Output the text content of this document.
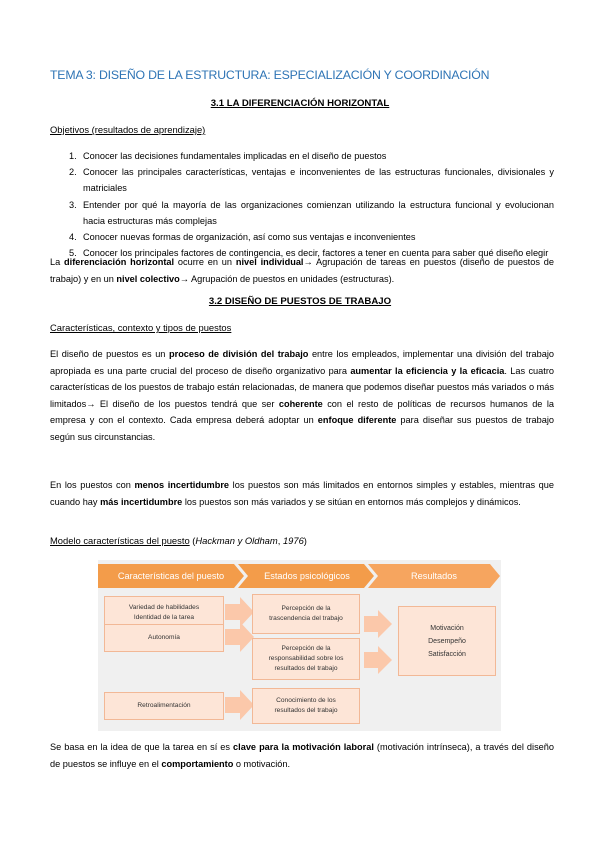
TEMA 3: DISEÑO DE LA ESTRUCTURA: ESPECIALIZACIÓN Y COORDINACIÓN
3.1 LA DIFERENCIACIÓN HORIZONTAL
Objetivos (resultados de aprendizaje)
1. Conocer las decisiones fundamentales implicadas en el diseño de puestos
2. Conocer las principales características, ventajas e inconvenientes de las estructuras funcionales, divisionales y matriciales
3. Entender por qué la mayoría de las organizaciones comienzan utilizando la estructura funcional y evolucionan hacia estructuras más complejas
4. Conocer nuevas formas de organización, así como sus ventajas e inconvenientes
5. Conocer los principales factores de contingencia, es decir, factores a tener en cuenta para saber qué diseño elegir
La diferenciación horizontal ocurre en un nivel individual→ Agrupación de tareas en puestos (diseño de puestos de trabajo) y en un nivel colectivo→ Agrupación de puestos en unidades (estructuras).
3.2 DISEÑO DE PUESTOS DE TRABAJO
Características, contexto y tipos de puestos
El diseño de puestos es un proceso de división del trabajo entre los empleados, implementar una división del trabajo apropiada es una parte crucial del proceso de diseño organizativo para aumentar la eficiencia y la eficacia. Las cuatro características de los puestos de trabajo están relacionadas, de manera que podemos diseñar puestos más variados o más limitados→ El diseño de los puestos tendrá que ser coherente con el resto de políticas de recursos humanos de la empresa y con el contexto. Cada empresa deberá adoptar un enfoque diferente para diseñar sus puestos de trabajo según sus circunstancias.
En los puestos con menos incertidumbre los puestos son más limitados en entornos simples y estables, mientras que cuando hay más incertidumbre los puestos son más variados y se sitúan en entornos más complejos y dinámicos.
Modelo características del puesto (Hackman y Oldham, 1976)
Características del puesto	Estados psicológicos	Resultados
Variedad de habilidades
Identidad de la tarea
Autonomía
Retroalimentación
Percepción de la
trascendencia del trabajo
Percepción de la
responsabilidad sobre los
resultados del trabajo
Conocimiento de los
resultados del trabajo
Motivación
Desempeño
Satisfacción
Se basa en la idea de que la tarea en sí es clave para la motivación laboral (motivación intrínseca), a través del diseño de puestos se influye en el comportamiento o motivación.
